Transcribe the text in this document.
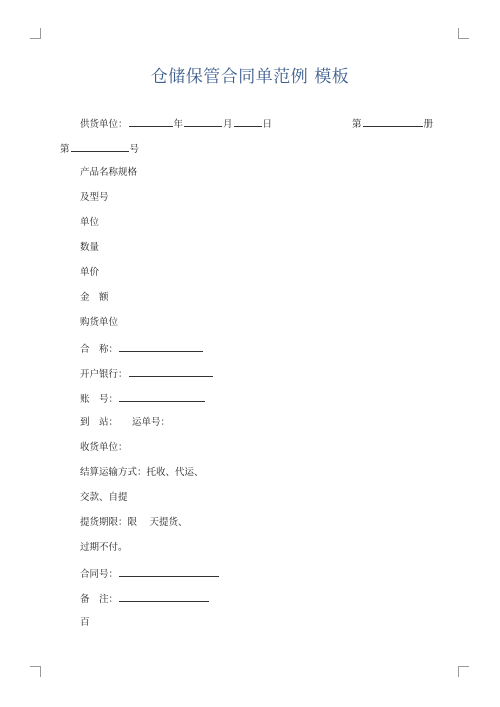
仓储保管合同单范例 模板
供货单位：	年	月	日	第	册
第	号
产品名称规格
及型号
单位
数量
单价
金　额
购货单位
合　称：
开户银行：
账　号：
到　站： 运单号：
收货单位：
结算运输方式：托收、代运、
交款、自提
提货期限：限　 天提货、
过期不付。
合同号：
备　注：
百
